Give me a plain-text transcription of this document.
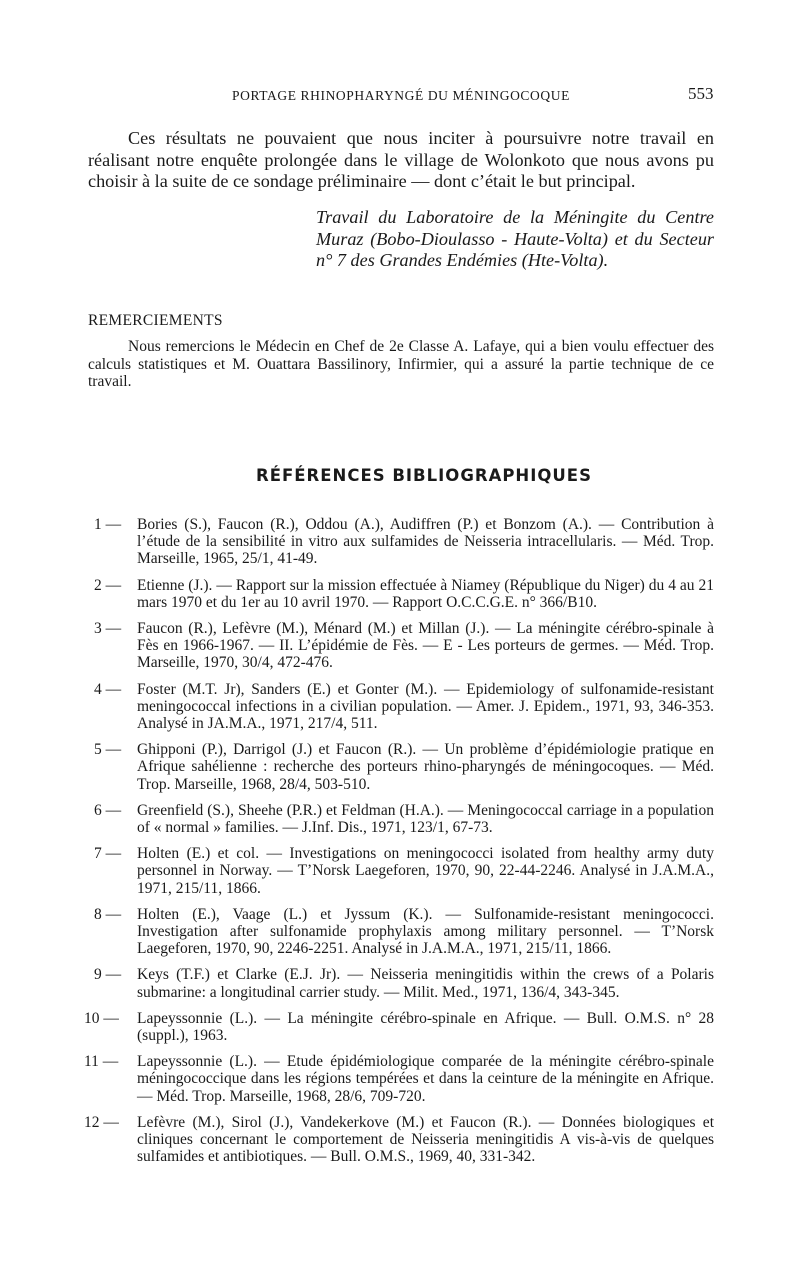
PORTAGE RHINOPHARYNGÉ DU MÉNINGOCOQUE	553

Ces résultats ne pouvaient que nous inciter à poursuivre notre travail en réalisant notre enquête prolongée dans le village de Wolonkoto que nous avons pu choisir à la suite de ce sondage préliminaire — dont c’était le but principal.

Travail du Laboratoire de la Méningite du Centre Muraz (Bobo-Dioulasso - Haute-Volta) et du Secteur n° 7 des Grandes Endémies (Hte-Volta).

REMERCIEMENTS

Nous remercions le Médecin en Chef de 2e Classe A. Lafaye, qui a bien voulu effectuer des calculs statistiques et M. Ouattara Bassilinory, Infirmier, qui a assuré la partie technique de ce travail.

RÉFÉRENCES BIBLIOGRAPHIQUES
1 —	Bories (S.), Faucon (R.), Oddou (A.), Audiffren (P.) et Bonzom (A.). — Contribution à l’étude de la sensibilité in vitro aux sulfamides de Neisseria intracellularis. — Méd. Trop. Marseille, 1965, 25/1, 41-49.
2 —	Etienne (J.). — Rapport sur la mission effectuée à Niamey (République du Niger) du 4 au 21 mars 1970 et du 1er au 10 avril 1970. — Rapport O.C.C.G.E. n° 366/B10.
3 —	Faucon (R.), Lefèvre (M.), Ménard (M.) et Millan (J.). — La méningite cérébro-spinale à Fès en 1966-1967. — II. L’épidémie de Fès. — E - Les porteurs de germes. — Méd. Trop. Marseille, 1970, 30/4, 472-476.
4 —	Foster (M.T. Jr), Sanders (E.) et Gonter (M.). — Epidemiology of sulfonamide-resistant meningococcal infections in a civilian population. — Amer. J. Epidem., 1971, 93, 346-353. Analysé in JA.M.A., 1971, 217/4, 511.
5 —	Ghipponi (P.), Darrigol (J.) et Faucon (R.). — Un problème d’épidémiologie pratique en Afrique sahélienne : recherche des porteurs rhino-pharyngés de méningocoques. — Méd. Trop. Marseille, 1968, 28/4, 503-510.
6 —	Greenfield (S.), Sheehe (P.R.) et Feldman (H.A.). — Meningococcal carriage in a population of « normal » families. — J.Inf. Dis., 1971, 123/1, 67-73.
7 —	Holten (E.) et col. — Investigations on meningococci isolated from healthy army duty personnel in Norway. — T’Norsk Laegeforen, 1970, 90, 22-44-2246. Analysé in J.A.M.A., 1971, 215/11, 1866.
8 —	Holten (E.), Vaage (L.) et Jyssum (K.). — Sulfonamide-resistant meningococci. Investigation after sulfonamide prophylaxis among military personnel. — T’Norsk Laegeforen, 1970, 90, 2246-2251. Analysé in J.A.M.A., 1971, 215/11, 1866.
9 —	Keys (T.F.) et Clarke (E.J. Jr). — Neisseria meningitidis within the crews of a Polaris submarine: a longitudinal carrier study. — Milit. Med., 1971, 136/4, 343-345.
10 —	Lapeyssonnie (L.). — La méningite cérébro-spinale en Afrique. — Bull. O.M.S. n° 28 (suppl.), 1963.
11 —	Lapeyssonnie (L.). — Etude épidémiologique comparée de la méningite cérébro-spinale méningococcique dans les régions tempérées et dans la ceinture de la méningite en Afrique. — Méd. Trop. Marseille, 1968, 28/6, 709-720.
12 —	Lefèvre (M.), Sirol (J.), Vandekerkove (M.) et Faucon (R.). — Données biologiques et cliniques concernant le comportement de Neisseria meningitidis A vis-à-vis de quelques sulfamides et antibiotiques. — Bull. O.M.S., 1969, 40, 331-342.
